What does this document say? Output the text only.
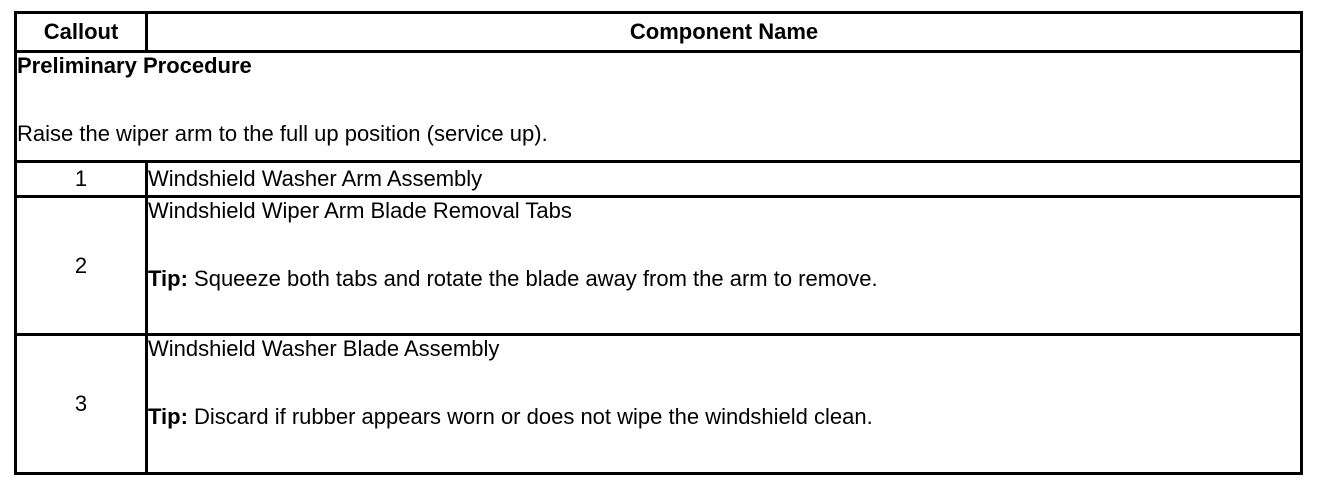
Callout	Component Name

Preliminary Procedure
Raise the wiper arm to the full up position (service up).	

1	Windshield Washer Arm Assembly
2	Windshield Wiper Arm Blade Removal Tabs
Tip: Squeeze both tabs and rotate the blade away from the arm to remove.

3	Windshield Washer Blade Assembly
Tip: Discard if rubber appears worn or does not wipe the windshield clean.
